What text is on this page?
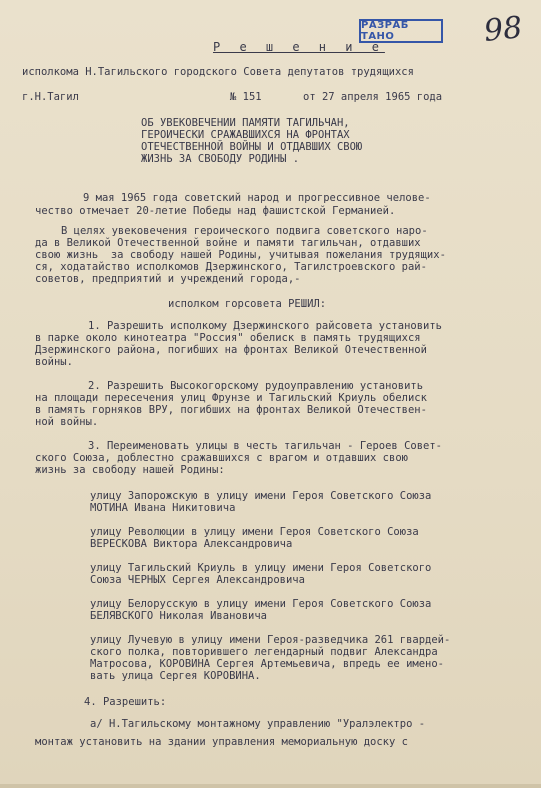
РАЗРАБ ТАНО	98
Р е ш е н и е
исполкома Н.Тагильского городского Совета депутатов трудящихся
г.Н.Тагил	№ 151	от 27 апреля 1965 года
ОБ УВЕКОВЕЧЕНИИ ПАМЯТИ ТАГИЛЬЧАН,
ГЕРОИЧЕСКИ СРАЖАВШИХСЯ НА ФРОНТАХ
ОТЕЧЕСТВЕННОЙ ВОЙНЫ И ОТДАВШИХ СВОЮ
ЖИЗНЬ ЗА СВОБОДУ РОДИНЫ .
9 мая 1965 года советский народ и прогрессивное челове-
чество отмечает 20-летие Победы над фашистской Германией.
В целях увековечения героического подвига советского наро-
да в Великой Отечественной войне и памяти тагильчан, отдавших
свою жизнь  за свободу нашей Родины, учитывая пожелания трудящих-
ся, ходатайство исполкомов Дзержинского, Тагилстроевского рай-
советов, предприятий и учреждений города,-
исполком горсовета РЕШИЛ:
1. Разрешить исполкому Дзержинского райсовета установить
в парке около кинотеатра "Россия" обелиск в память трудящихся
Дзержинского района, погибших на фронтах Великой Отечественной
войны.
2. Разрешить Высокогорскому рудоуправлению установить
на площади пересечения улиц Фрунзе и Тагильский Криуль обелиск
в память горняков ВРУ, погибших на фронтах Великой Отечествен-
ной войны.
3. Переименовать улицы в честь тагильчан - Героев Совет-
ского Союза, доблестно сражавшихся с врагом и отдавших свою
жизнь за свободу нашей Родины:
улицу Запорожскую в улицу имени Героя Советского Союза
МОТИНА Ивана Никитовича
улицу Революции в улицу имени Героя Советского Союза
ВЕРЕСКОВА Виктора Александровича
улицу Тагильский Криуль в улицу имени Героя Советского
Союза ЧЕРНЫХ Сергея Александровича
улицу Белорусскую в улицу имени Героя Советского Союза
БЕЛЯВСКОГО Николая Ивановича
улицу Лучевую в улицу имени Героя-разведчика 261 гвардей-
ского полка, повторившего легендарный подвиг Александра
Матросова, КОРОВИНА Сергея Артемьевича, впредь ее имено-
вать улица Сергея КОРОВИНА.
4. Разрешить:
а/ Н.Тагильскому монтажному управлению "Уралэлектро -
монтаж установить на здании управления мемориальную доску с
